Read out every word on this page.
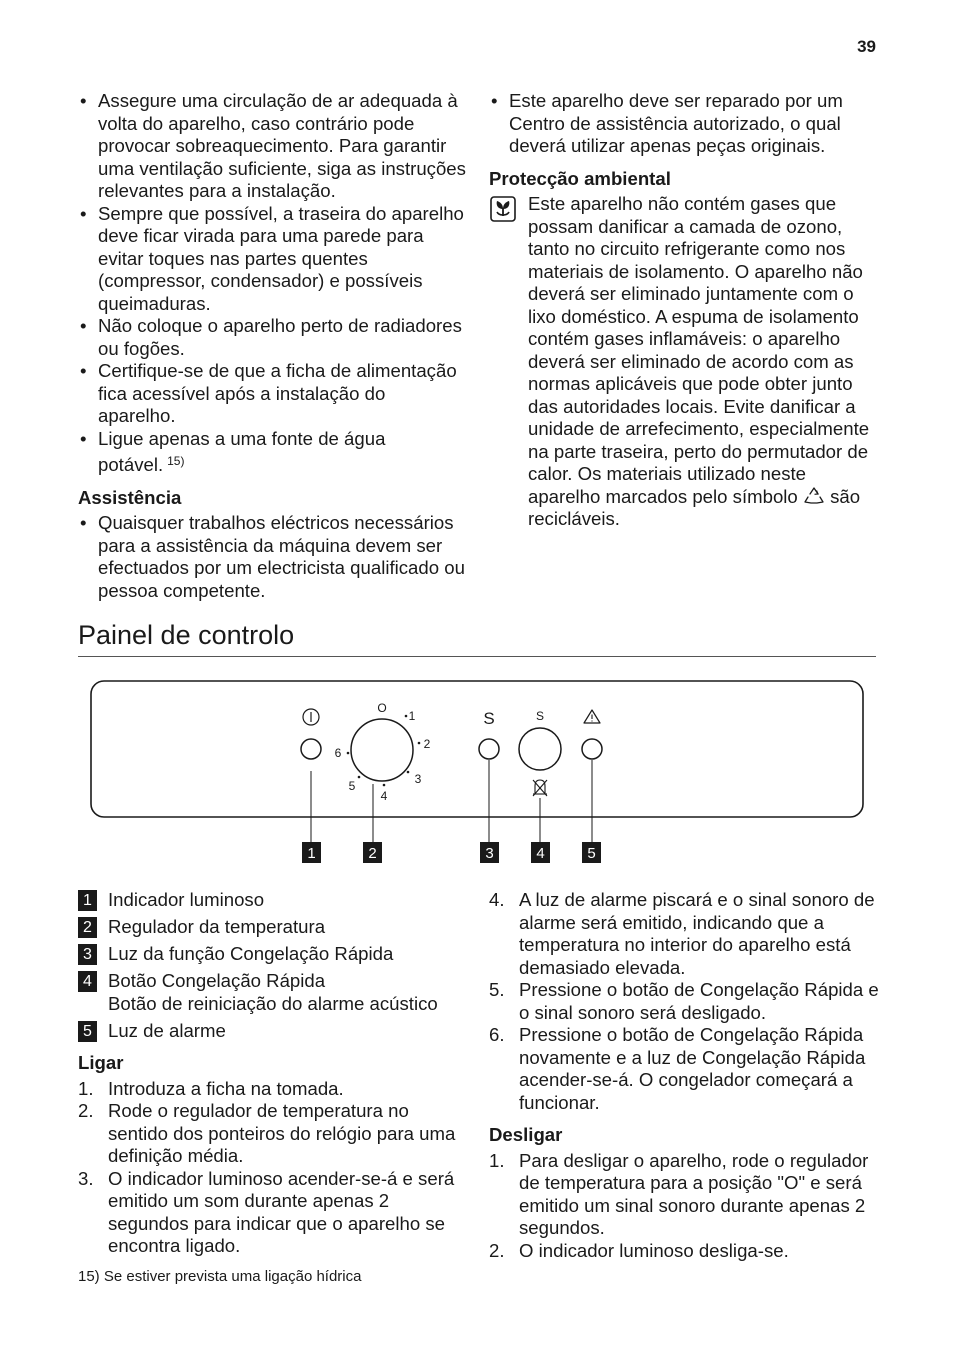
39
• Assegure uma circulação de ar adequada à volta do aparelho, caso contrário pode provocar sobreaquecimento. Para garantir uma ventilação suficiente, siga as instruções relevantes para a instalação.
• Sempre que possível, a traseira do aparelho deve ficar virada para uma parede para evitar toques nas partes quentes (compressor, condensador) e possíveis queimaduras.
• Não coloque o aparelho perto de radiadores ou fogões.
• Certifique-se de que a ficha de alimentação fica acessível após a instalação do aparelho.
• Ligue apenas a uma fonte de água potável. $^{15)}$
Assistência
• Quaisquer trabalhos eléctricos necessários para a assistência da máquina devem ser efectuados por um electricista qualificado ou pessoa competente.
• Este aparelho deve ser reparado por um Centro de assistência autorizado, o qual deverá utilizar apenas peças originais.
Protecção ambiental
Este aparelho não contém gases que possam danificar a camada de ozono, tanto no circuito refrigerante como nos materiais de isolamento. O aparelho não deverá ser eliminado juntamente com o lixo doméstico. A espuma de isolamento contém gases inflamáveis: o aparelho deverá ser eliminado de acordo com as normas aplicáveis que pode obter junto das autoridades locais. Evite danificar a unidade de arrefecimento, especialmente na parte traseira, perto do permutador de calor. Os materiais utilizado neste aparelho marcados pelo símbolo são recicláveis.
Painel de controlo
O
1
2
3
4
5
6
S	S
1	2	3	4	5
1 Indicador luminoso
2 Regulador da temperatura
3 Luz da função Congelação Rápida
4 Botão Congelação Rápida
Botão de reiniciação do alarme acústico
5 Luz de alarme
Ligar
1. Introduza a ficha na tomada.
2. Rode o regulador de temperatura no sentido dos ponteiros do relógio para uma definição média.
3. O indicador luminoso acender-se-á e será emitido um som durante apenas 2 segundos para indicar que o aparelho se encontra ligado.
4. A luz de alarme piscará e o sinal sonoro de alarme será emitido, indicando que a temperatura no interior do aparelho está demasiado elevada.
5. Pressione o botão de Congelação Rápida e o sinal sonoro será desligado.
6. Pressione o botão de Congelação Rápida novamente e a luz de Congelação Rápida acender-se-á. O congelador começará a funcionar.
Desligar
1. Para desligar o aparelho, rode o regulador de temperatura para a posição "O" e será emitido um sinal sonoro durante apenas 2 segundos.
2. O indicador luminoso desliga-se.
15) Se estiver prevista uma ligação hídrica
